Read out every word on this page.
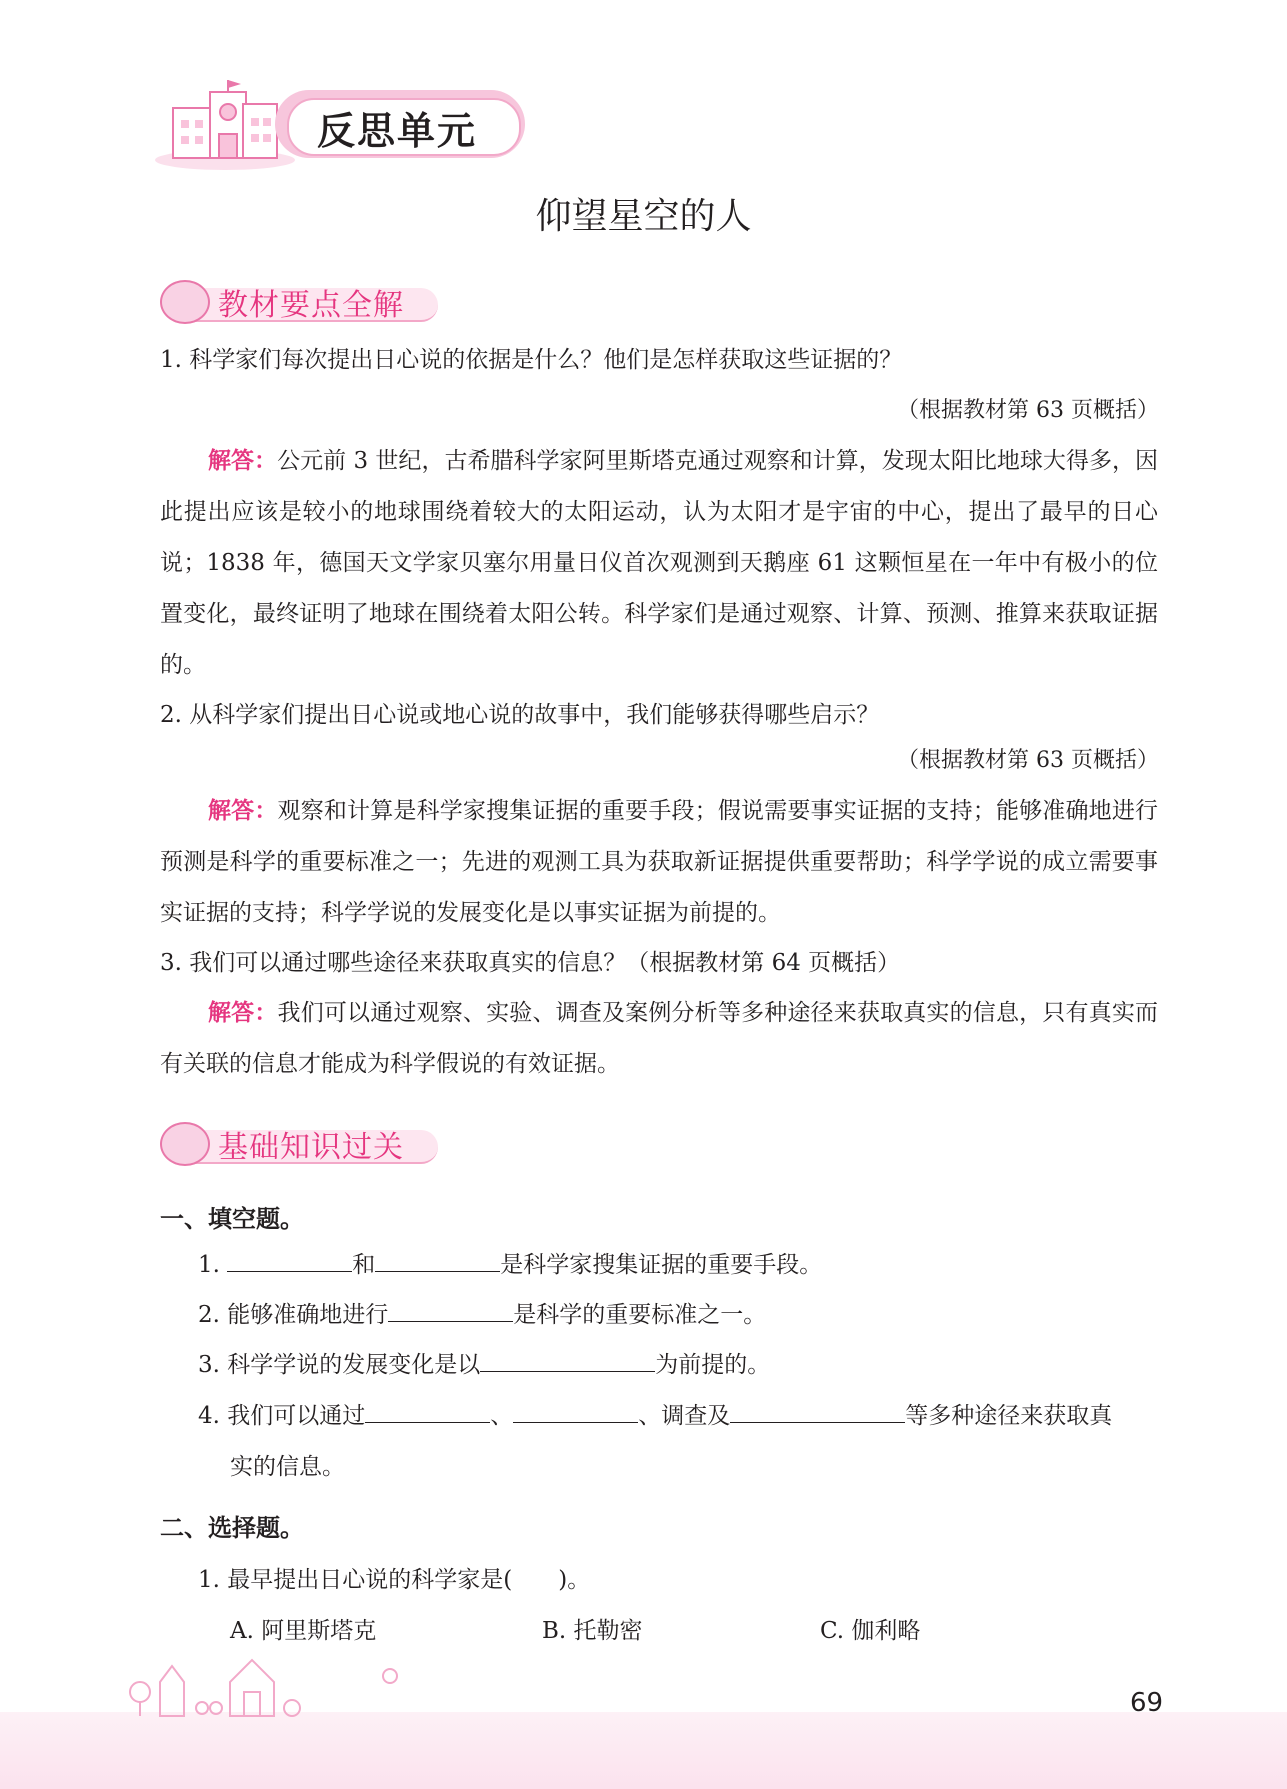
反思单元
仰望星空的人
教材要点全解
1. 科学家们每次提出日心说的依据是什么？他们是怎样获取这些证据的？
（根据教材第 63 页概括）
解答：公元前 3 世纪，古希腊科学家阿里斯塔克通过观察和计算，发现太阳比地球大得多，因此提出应该是较小的地球围绕着较大的太阳运动，认为太阳才是宇宙的中心，提出了最早的日心说；1838 年，德国天文学家贝塞尔用量日仪首次观测到天鹅座 61 这颗恒星在一年中有极小的位置变化，最终证明了地球在围绕着太阳公转。科学家们是通过观察、计算、预测、推算来获取证据的。
2. 从科学家们提出日心说或地心说的故事中，我们能够获得哪些启示？
（根据教材第 63 页概括）
解答：观察和计算是科学家搜集证据的重要手段；假说需要事实证据的支持；能够准确地进行预测是科学的重要标准之一；先进的观测工具为获取新证据提供重要帮助；科学学说的成立需要事实证据的支持；科学学说的发展变化是以事实证据为前提的。
3. 我们可以通过哪些途径来获取真实的信息？（根据教材第 64 页概括）
解答：我们可以通过观察、实验、调查及案例分析等多种途径来获取真实的信息，只有真实而有关联的信息才能成为科学假说的有效证据。
基础知识过关
一、填空题。
1.	和	是科学家搜集证据的重要手段。
2. 能够准确地进行	是科学的重要标准之一。
3. 科学学说的发展变化是以	为前提的。
4. 我们可以通过	、	、调查及	等多种途径来获取真
实的信息。
二、选择题。
1. 最早提出日心说的科学家是(　　)。
A. 阿里斯塔克	B. 托勒密	C. 伽利略
69
